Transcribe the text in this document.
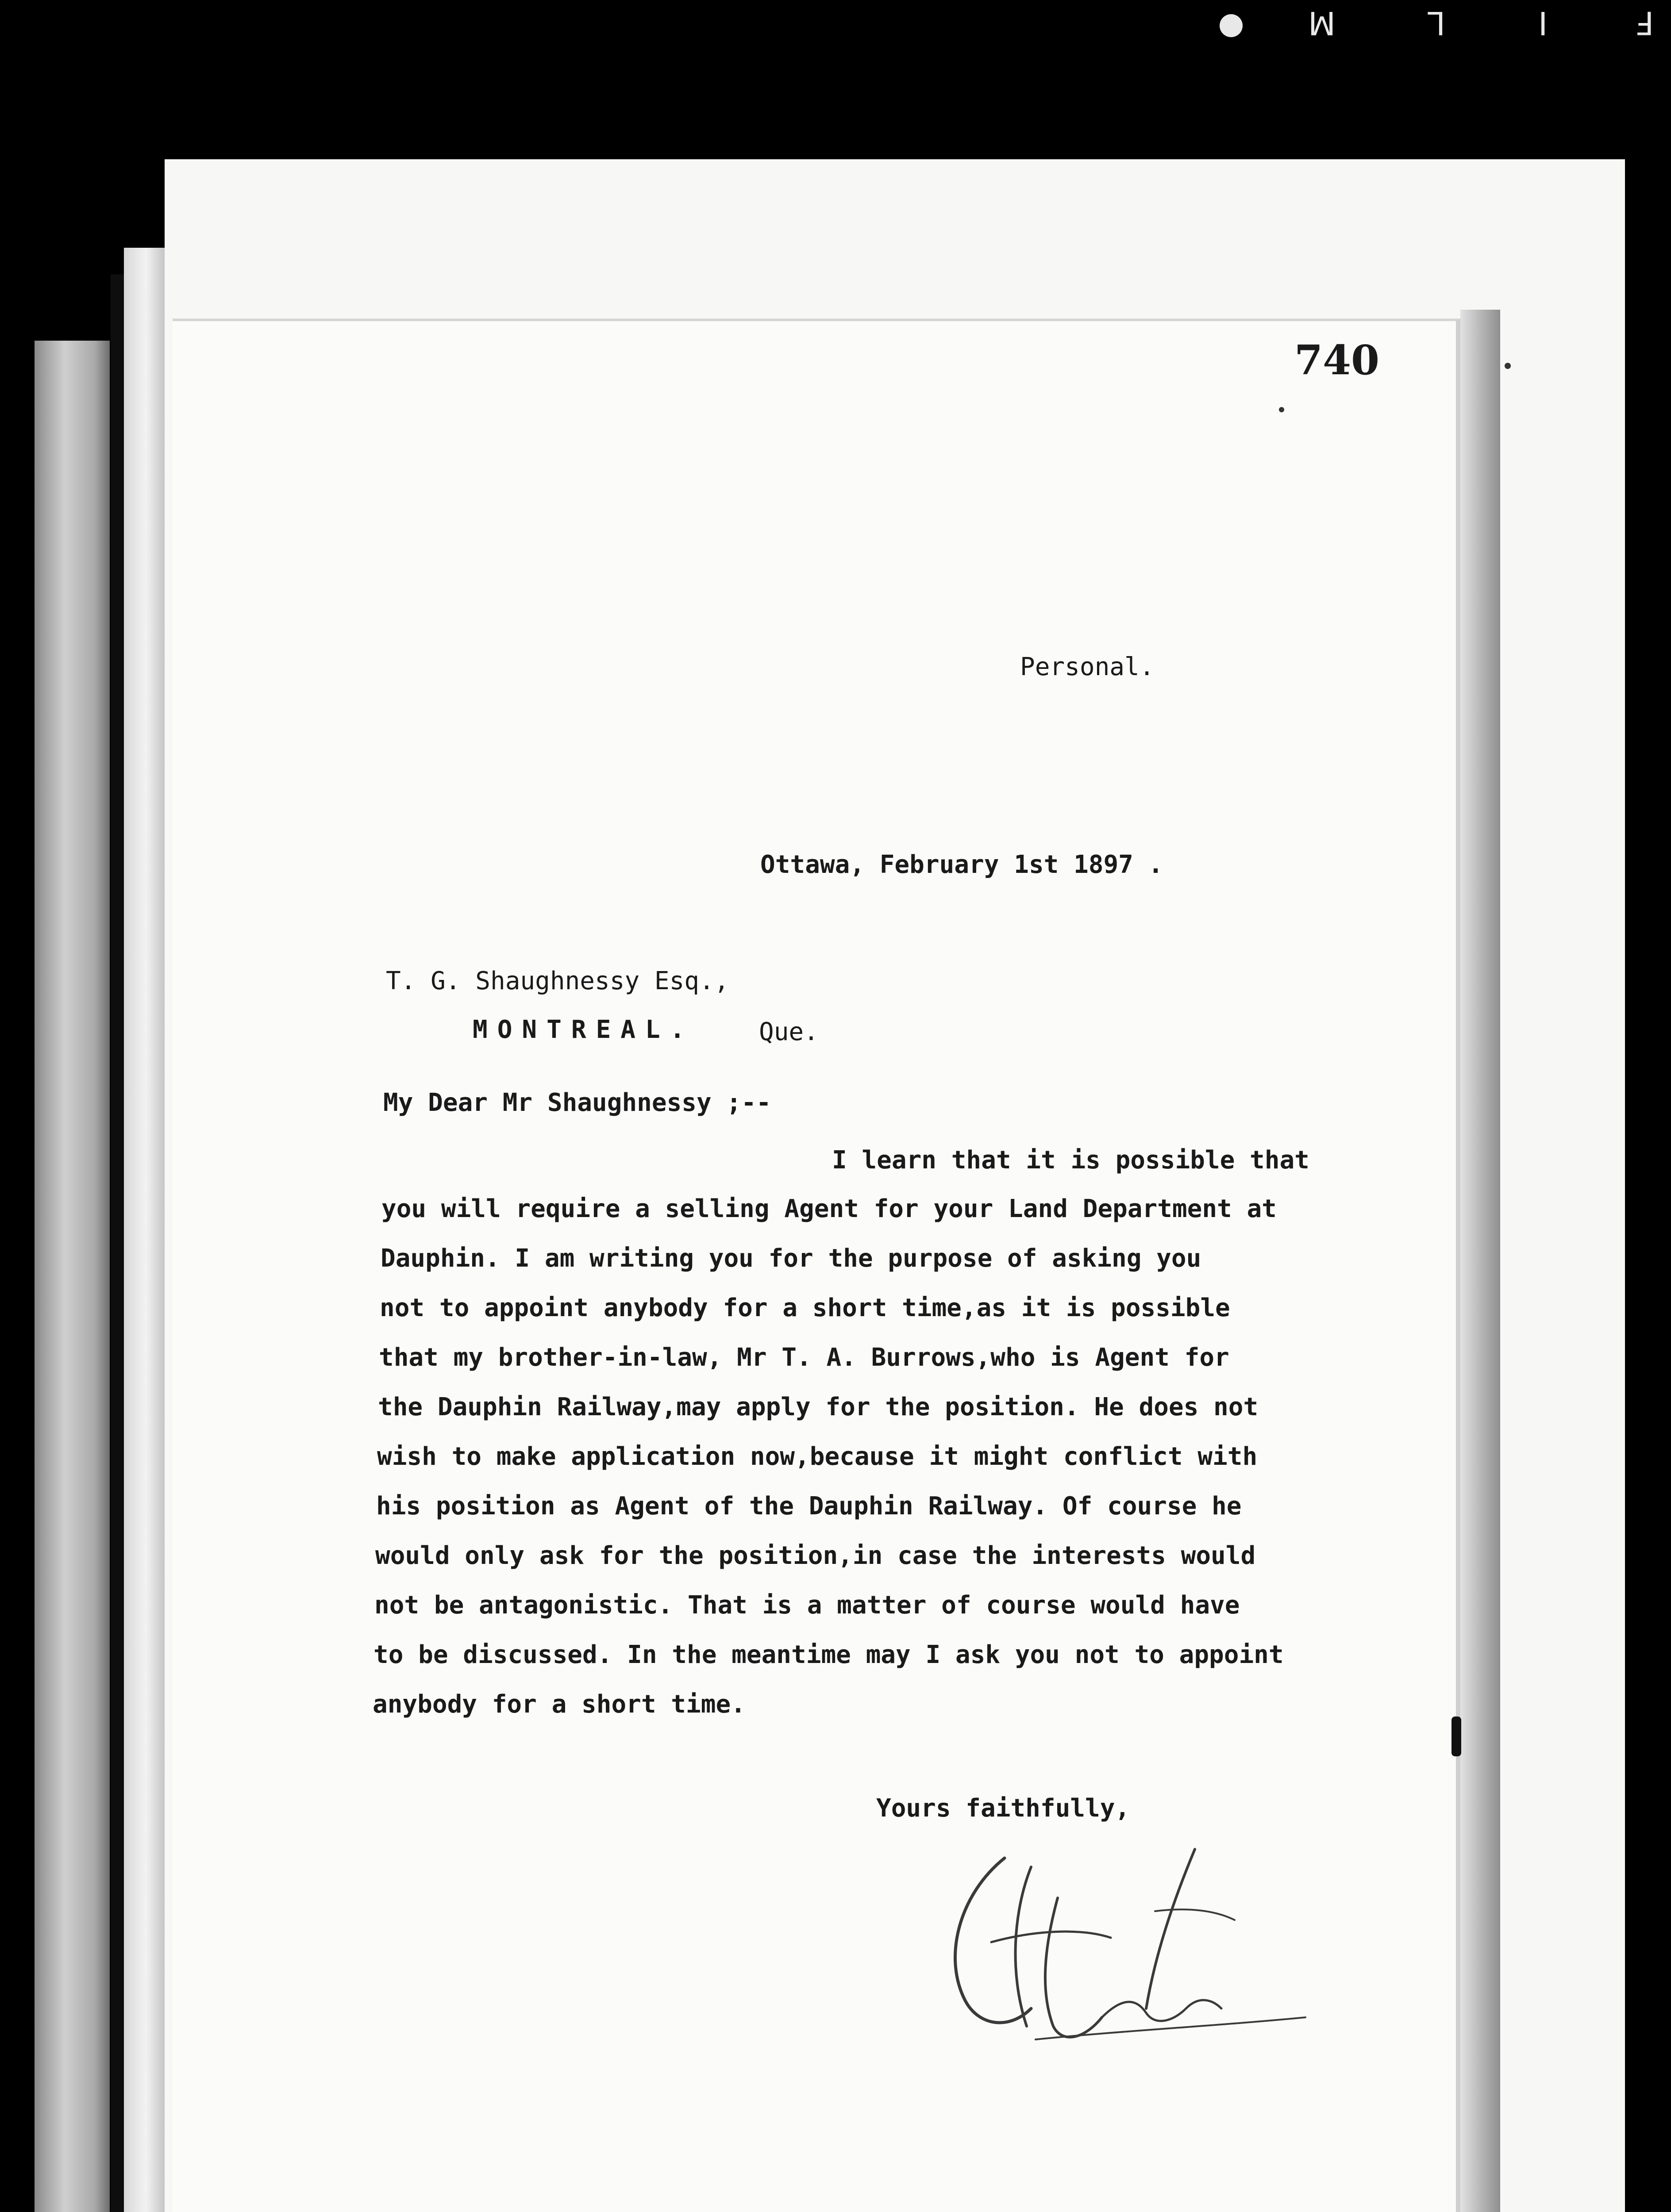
M	L	I	F
740
Personal.
Ottawa, February 1st 1897 .
T. G. Shaughnessy Esq.,
MONTREAL.	Que.
My Dear Mr Shaughnessy ;--
I learn that it is possible that
you will require a selling Agent for your Land Department at
Dauphin. I am writing you for the purpose of asking you
not to appoint anybody for a short time,as it is possible
that my brother-in-law, Mr T. A. Burrows,who is Agent for
the Dauphin Railway,may apply for the position. He does not
wish to make application now,because it might conflict with
his position as Agent of the Dauphin Railway. Of course he
would only ask for the position,in case the interests would
not be antagonistic. That is a matter of course would have
to be discussed. In the meantime may I ask you not to appoint
anybody for a short time.
Yours faithfully,
